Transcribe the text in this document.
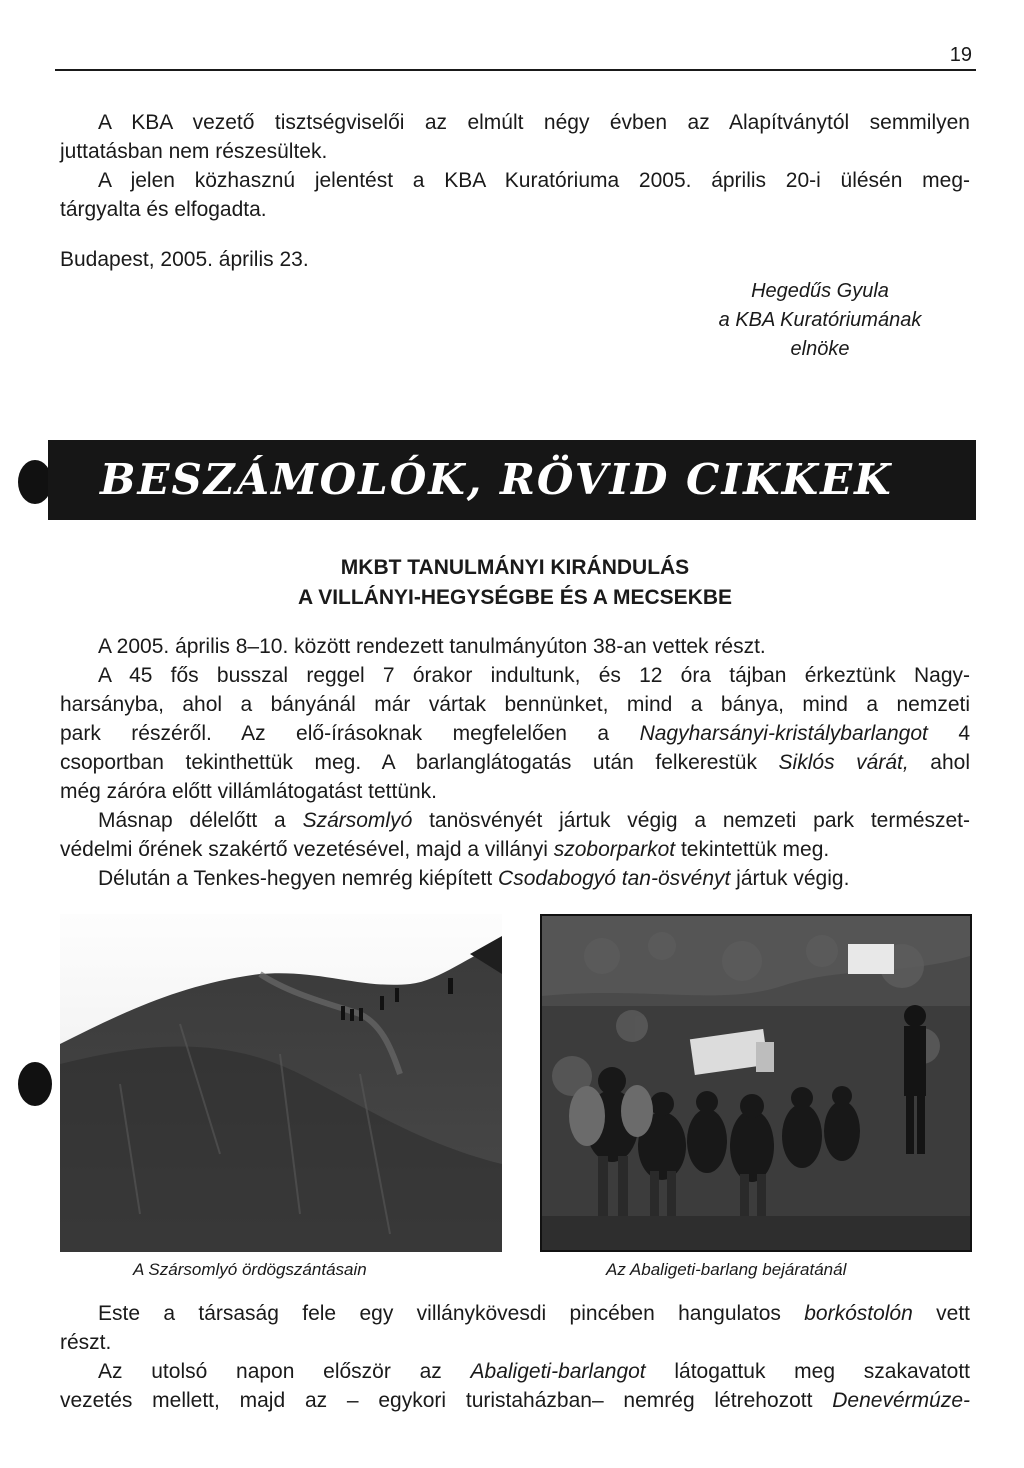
19
A KBA vezető tisztségviselői az elmúlt négy évben az Alapítványtól semmilyen
juttatásban nem részesültek.
A jelen közhasznú jelentést a KBA Kuratóriuma 2005. április 20-i ülésén meg-
tárgyalta és elfogadta.
Budapest, 2005. április 23.
Hegedűs Gyula
a KBA Kuratóriumának
elnöke
BESZÁMOLÓK, RÖVID CIKKEK
MKBT TANULMÁNYI KIRÁNDULÁS
A VILLÁNYI-HEGYSÉGBE ÉS A MECSEKBE
A 2005. április 8–10. között rendezett tanulmányúton 38-an vettek részt.
A 45 fős busszal reggel 7 órakor indultunk, és 12 óra tájban érkeztünk Nagy-
harsányba, ahol a bányánál már vártak bennünket, mind a bánya, mind a nemzeti
park részéről. Az elő-írásoknak megfelelően a Nagyharsányi-kristálybarlangot 4
csoportban tekinthettük meg. A barlanglátogatás után felkerestük Siklós várát, ahol
még záróra előtt villámlátogatást tettünk.
Másnap délelőtt a Szársomlyó tanösvényét jártuk végig a nemzeti park természet-
védelmi őrének szakértő vezetésével, majd a villányi szoborparkot tekintettük meg.
Délután a Tenkes-hegyen nemrég kiépített Csodabogyó tan-ösvényt jártuk végig.
A Szársomlyó ördögszántásain	Az Abaligeti-barlang bejáratánál
Este a társaság fele egy villánykövesdi pincében hangulatos borkóstolón vett
részt.
Az utolsó napon először az Abaligeti-barlangot látogattuk meg szakavatott
vezetés mellett, majd az – egykori turistaházban– nemrég létrehozott Denevérmúze-
